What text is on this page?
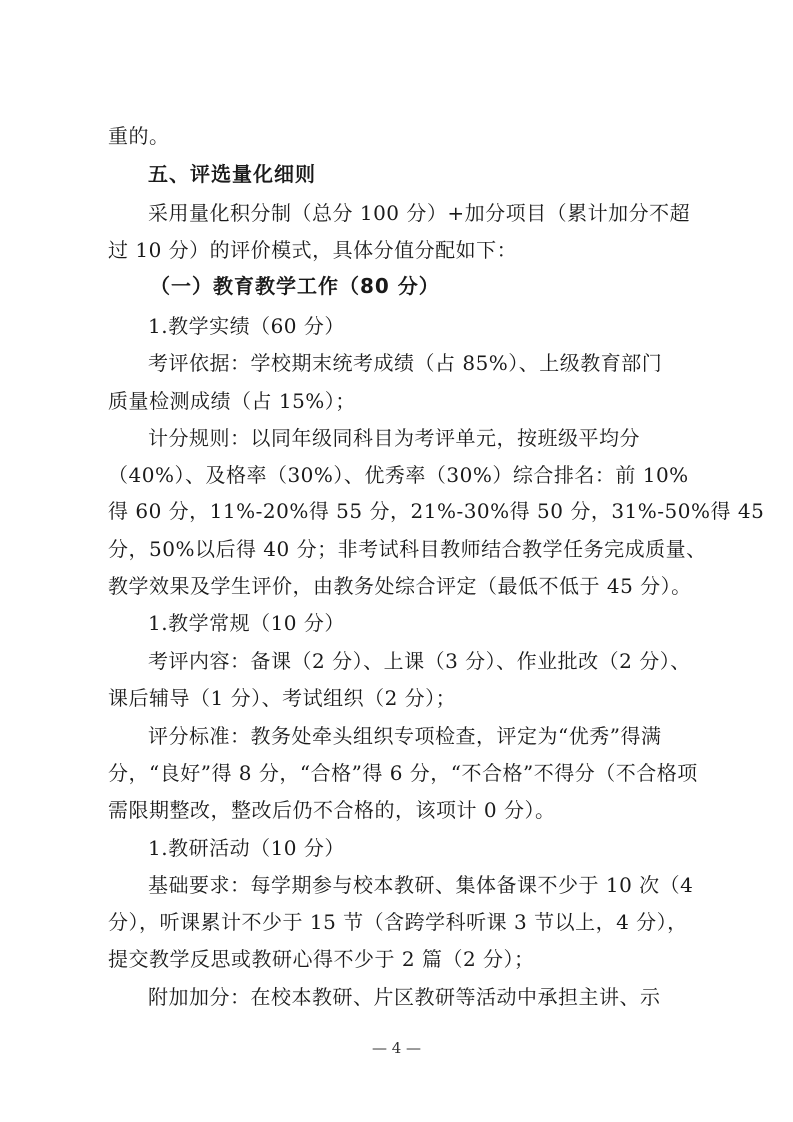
重的。
五、评选量化细则
采用量化积分制（总分 100 分）+加分项目（累计加分不超
过 10 分）的评价模式，具体分值分配如下：
（一）教育教学工作（80 分）
1.教学实绩（60 分）
考评依据：学校期末统考成绩（占 85%）、上级教育部门
质量检测成绩（占 15%）；
计分规则：以同年级同科目为考评单元，按班级平均分
（40%）、及格率（30%）、优秀率（30%）综合排名：前 10%
得 60 分，11%-20%得 55 分，21%-30%得 50 分，31%-50%得 45
分，50%以后得 40 分；非考试科目教师结合教学任务完成质量、
教学效果及学生评价，由教务处综合评定（最低不低于 45 分）。
1.教学常规（10 分）
考评内容：备课（2 分）、上课（3 分）、作业批改（2 分）、
课后辅导（1 分）、考试组织（2 分）；
评分标准：教务处牵头组织专项检查，评定为“优秀”得满
分，“良好”得 8 分，“合格”得 6 分，“不合格”不得分（不合格项
需限期整改，整改后仍不合格的，该项计 0 分）。
1.教研活动（10 分）
基础要求：每学期参与校本教研、集体备课不少于 10 次（4
分），听课累计不少于 15 节（含跨学科听课 3 节以上，4 分），
提交教学反思或教研心得不少于 2 篇（2 分）；
附加加分：在校本教研、片区教研等活动中承担主讲、示
— 4 —
